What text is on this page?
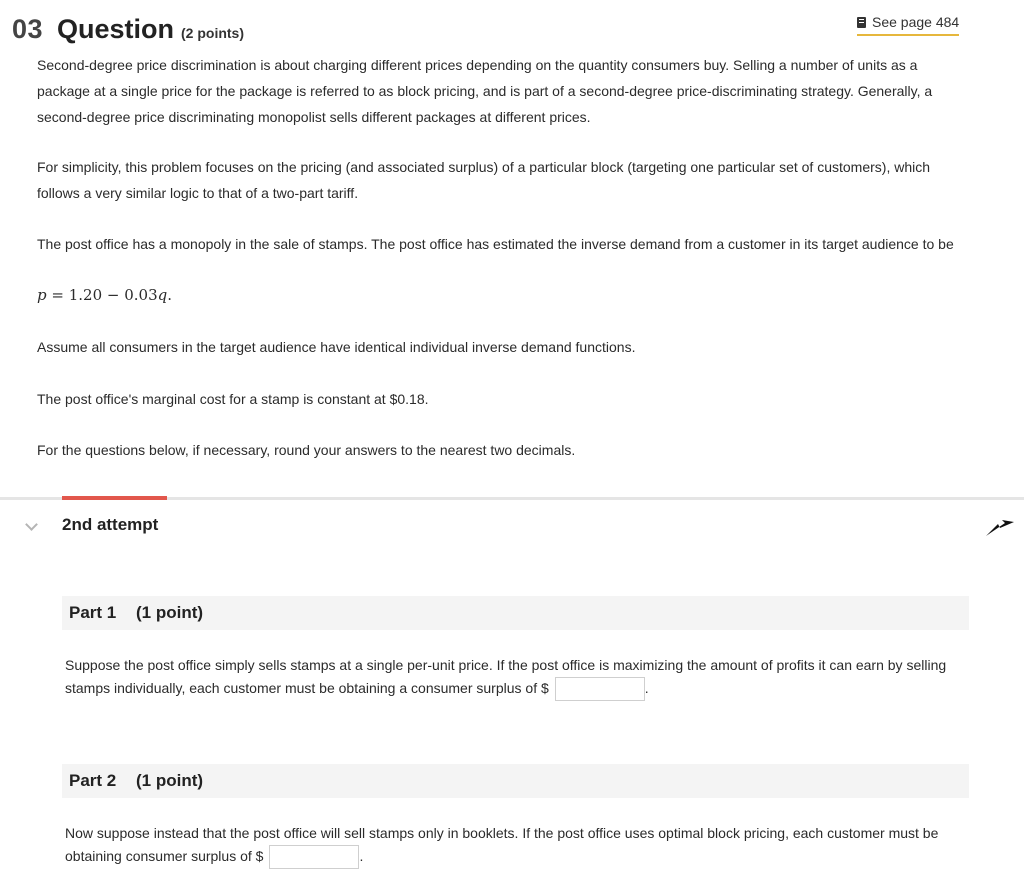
03 Question (2 points)
See page 484
Second-degree price discrimination is about charging different prices depending on the quantity consumers buy. Selling a number of units as a package at a single price for the package is referred to as block pricing, and is part of a second-degree price-discriminating strategy. Generally, a second-degree price discriminating monopolist sells different packages at different prices.
For simplicity, this problem focuses on the pricing (and associated surplus) of a particular block (targeting one particular set of customers), which follows a very similar logic to that of a two-part tariff.
The post office has a monopoly in the sale of stamps. The post office has estimated the inverse demand from a customer in its target audience to be
p = 1.20 − 0.03q.
Assume all consumers in the target audience have identical individual inverse demand functions.
The post office's marginal cost for a stamp is constant at $0.18.
For the questions below, if necessary, round your answers to the nearest two decimals.
2nd attempt
Part 1 (1 point)
Suppose the post office simply sells stamps at a single per-unit price. If the post office is maximizing the amount of profits it can earn by selling stamps individually, each customer must be obtaining a consumer surplus of $	.
Part 2 (1 point)
Now suppose instead that the post office will sell stamps only in booklets. If the post office uses optimal block pricing, each customer must be obtaining consumer surplus of $	.
